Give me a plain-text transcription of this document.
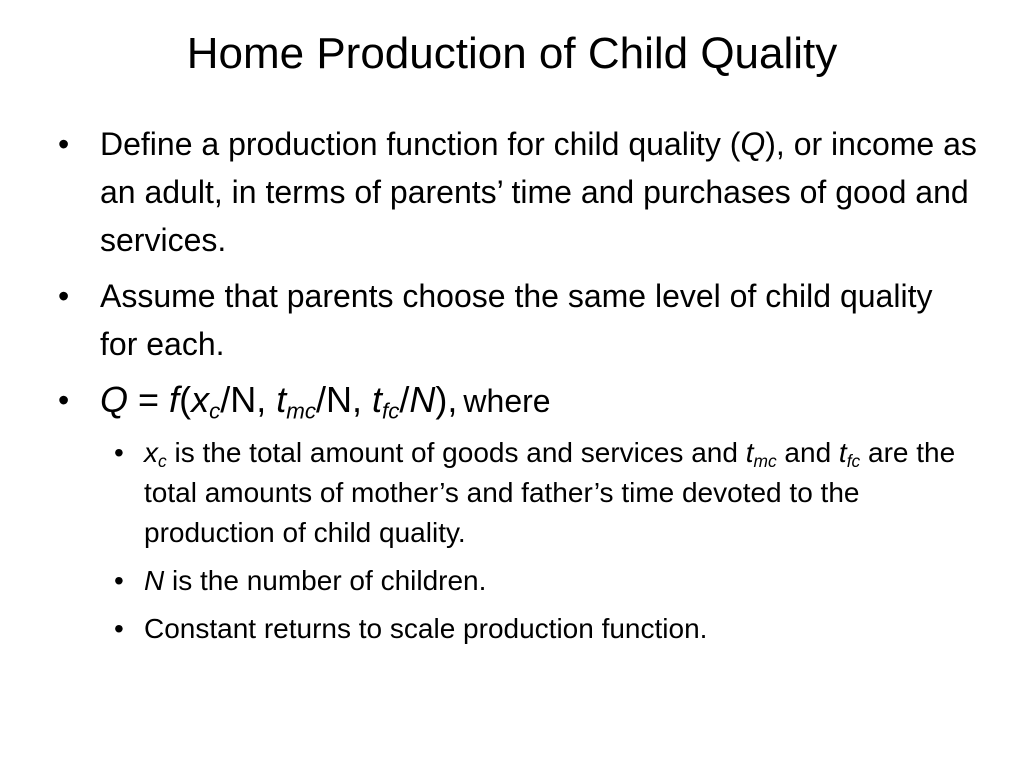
Home Production of Child Quality
• Define a production function for child quality (Q), or income as an adult, in terms of parents’ time and purchases of good and services.
• Assume that parents choose the same level of child quality for each.
• $Q = f(x_c/N$, $t_{mc}/N$, $t_{fc}/N$), where
• $x_c$ is the total amount of goods and services and $t_{mc}$ and $t_{fc}$ are the total amounts of mother’s and father’s time devoted to the production of child quality.
• N is the number of children.
• Constant returns to scale production function.
